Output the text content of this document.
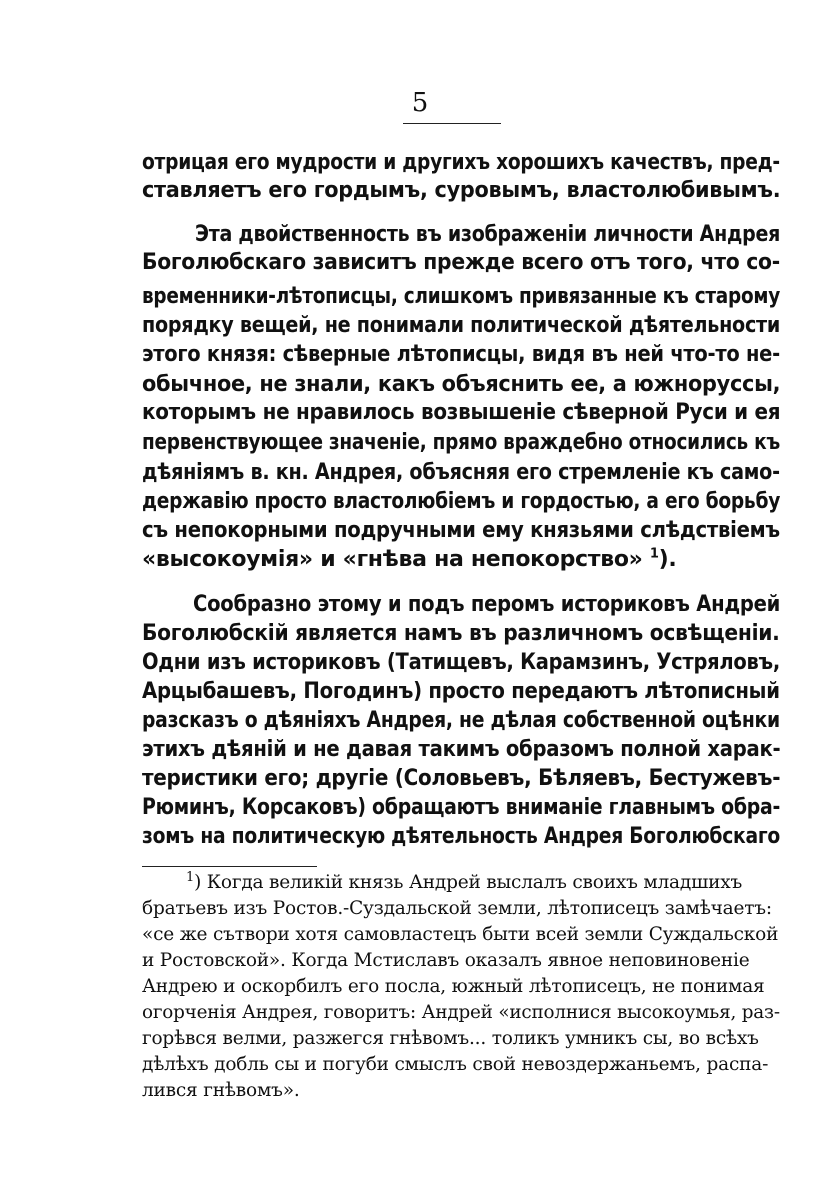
5
отрицая его мудрости и другихъ хорошихъ качествъ, пред-
ставляетъ его гордымъ, суровымъ, властолюбивымъ.
Эта двойственность въ изображенiи личности Андрея
Боголюбскаго зависитъ прежде всего отъ того, что со-
временники-лѣтописцы, слишкомъ привязанные къ старому
порядку вещей, не понимали политической дѣятельности
этого князя: сѣверные лѣтописцы, видя въ ней что-то не-
обычное, не знали, какъ объяснить ее, а южноруссы,
которымъ не нравилось возвышенiе сѣверной Руси и ея
первенствующее значенiе, прямо враждебно относились къ
дѣянiямъ в. кн. Андрея, объясняя его стремленiе къ само-
державiю просто властолюбiемъ и гордостью, а его борьбу
съ непокорными подручными ему князьями слѣдствiемъ
«высокоумiя» и «гнѣва на непокорство» $^1$).
Сообразно этому и подъ перомъ историковъ Андрей
Боголюбскiй является намъ въ различномъ освѣщенiи.
Одни изъ историковъ (Татищевъ, Карамзинъ, Устряловъ,
Арцыбашевъ, Погодинъ) просто передаютъ лѣтописный
разсказъ о дѣянiяхъ Андрея, не дѣлая собственной оцѣнки
этихъ дѣянiй и не давая такимъ образомъ полной харак-
теристики его; другiе (Соловьевъ, Бѣляевъ, Бестужевъ-
Рюминъ, Корсаковъ) обращаютъ вниманiе главнымъ обра-
зомъ на политическую дѣятельность Андрея Боголюбскаго
$^1$) Когда великiй князь Андрей выслалъ своихъ младшихъ
братьевъ изъ Ростов.-Суздальской земли, лѣтописецъ замѣчаетъ:
«се же сътвори хотя самовластецъ быти всей земли Суждальской
и Ростовской». Когда Мстиславъ оказалъ явное неповиновенiе
Андрею и оскорбилъ его посла, южный лѣтописецъ, не понимая
огорченiя Андрея, говоритъ: Андрей «исполнися высокоумья, раз-
горѣвся велми, разжегся гнѣвомъ... толикъ умникъ сы, во всѣхъ
дѣлѣхъ добль сы и погуби смыслъ свой невоздержаньемъ, распа-
лився гнѣвомъ».
